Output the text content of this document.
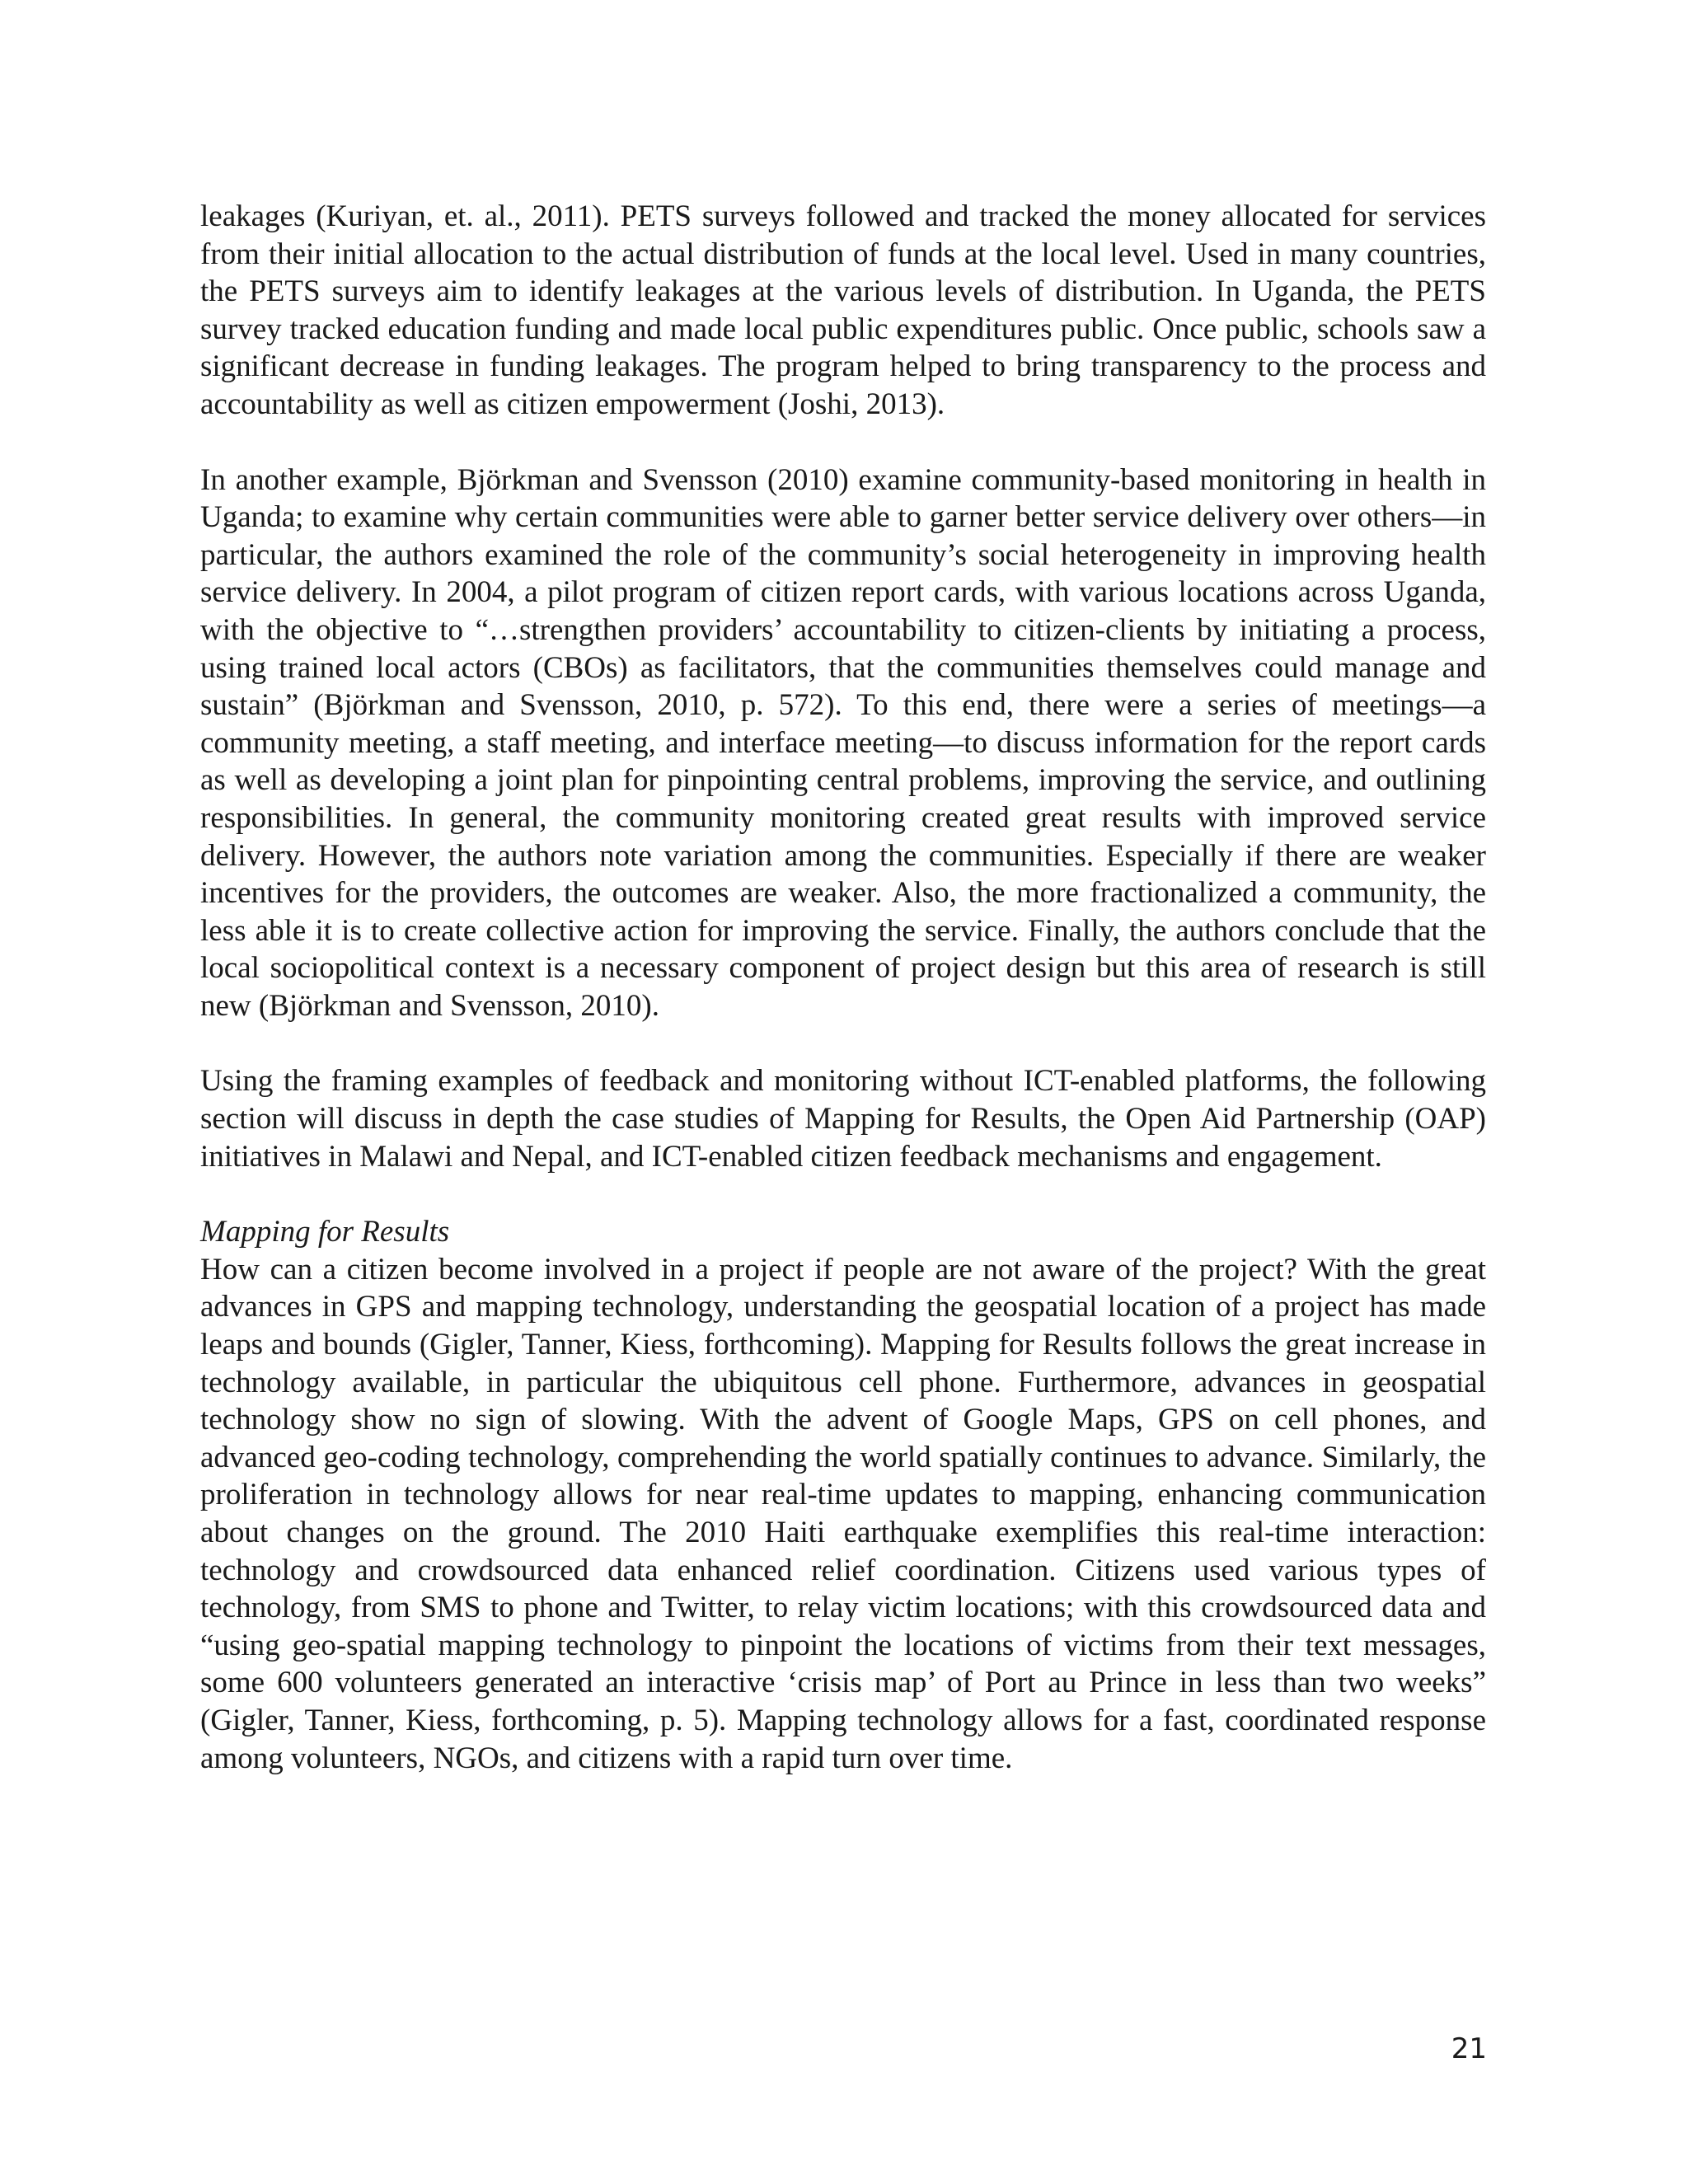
leakages (Kuriyan, et. al., 2011). PETS surveys followed and tracked the money allocated for services from their initial allocation to the actual distribution of funds at the local level. Used in many countries, the PETS surveys aim to identify leakages at the various levels of distribution. In Uganda, the PETS survey tracked education funding and made local public expenditures public. Once public, schools saw a significant decrease in funding leakages. The program helped to bring transparency to the process and accountability as well as citizen empowerment (Joshi, 2013).

In another example, Björkman and Svensson (2010) examine community-based monitoring in health in Uganda; to examine why certain communities were able to garner better service delivery over others—in particular, the authors examined the role of the community’s social heterogeneity in improving health service delivery. In 2004, a pilot program of citizen report cards, with various locations across Uganda, with the objective to “…strengthen providers’ accountability to citizen-clients by initiating a process, using trained local actors (CBOs) as facilitators, that the communities themselves could manage and sustain” (Björkman and Svensson, 2010, p. 572). To this end, there were a series of meetings—a community meeting, a staff meeting, and interface meeting—to discuss information for the report cards as well as developing a joint plan for pinpointing central problems, improving the service, and outlining responsibilities. In general, the community monitoring created great results with improved service delivery. However, the authors note variation among the communities. Especially if there are weaker incentives for the providers, the outcomes are weaker. Also, the more fractionalized a community, the less able it is to create collective action for improving the service. Finally, the authors conclude that the local sociopolitical context is a necessary component of project design but this area of research is still new (Björkman and Svensson, 2010).

Using the framing examples of feedback and monitoring without ICT-enabled platforms, the following section will discuss in depth the case studies of Mapping for Results, the Open Aid Partnership (OAP) initiatives in Malawi and Nepal, and ICT-enabled citizen feedback mechanisms and engagement.

Mapping for Results

How can a citizen become involved in a project if people are not aware of the project? With the great advances in GPS and mapping technology, understanding the geospatial location of a project has made leaps and bounds (Gigler, Tanner, Kiess, forthcoming). Mapping for Results follows the great increase in technology available, in particular the ubiquitous cell phone. Furthermore, advances in geospatial technology show no sign of slowing. With the advent of Google Maps, GPS on cell phones, and advanced geo-coding technology, comprehending the world spatially continues to advance. Similarly, the proliferation in technology allows for near real-time updates to mapping, enhancing communication about changes on the ground. The 2010 Haiti earthquake exemplifies this real-time interaction: technology and crowdsourced data enhanced relief coordination. Citizens used various types of technology, from SMS to phone and Twitter, to relay victim locations; with this crowdsourced data and “using geo-spatial mapping technology to pinpoint the locations of victims from their text messages, some 600 volunteers generated an interactive ‘crisis map’ of Port au Prince in less than two weeks” (Gigler, Tanner, Kiess, forthcoming, p. 5). Mapping technology allows for a fast, coordinated response among volunteers, NGOs, and citizens with a rapid turn over time.

21
